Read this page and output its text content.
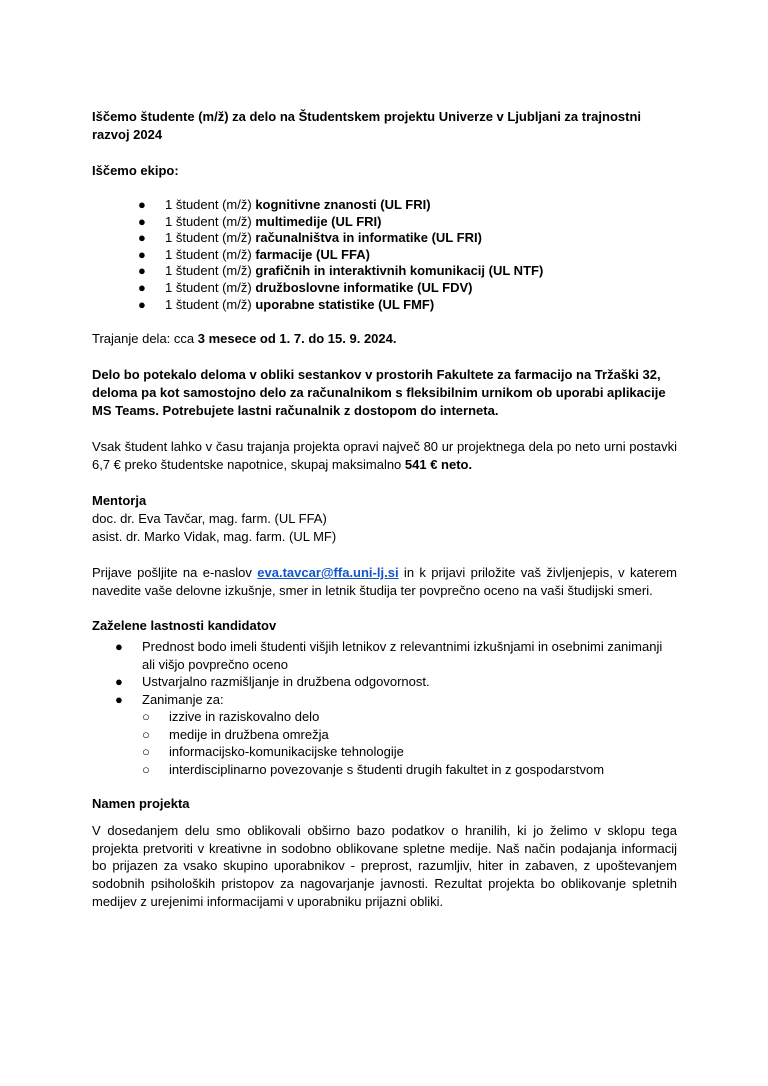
Iščemo študente (m/ž) za delo na Študentskem projektu Univerze v Ljubljani za trajnostni razvoj 2024

Iščemo ekipo:

● 1 študent (m/ž) kognitivne znanosti (UL FRI)
● 1 študent (m/ž) multimedije (UL FRI)
● 1 študent (m/ž) računalništva in informatike (UL FRI)
● 1 študent (m/ž) farmacije (UL FFA)
● 1 študent (m/ž) grafičnih in interaktivnih komunikacij (UL NTF)
● 1 študent (m/ž) družboslovne informatike (UL FDV)
● 1 študent (m/ž) uporabne statistike (UL FMF)

Trajanje dela: cca 3 mesece od 1. 7. do 15. 9. 2024.

Delo bo potekalo deloma v obliki sestankov v prostorih Fakultete za farmacijo na Tržaški 32, deloma pa kot samostojno delo za računalnikom s fleksibilnim urnikom ob uporabi aplikacije MS Teams. Potrebujete lastni računalnik z dostopom do interneta.

Vsak študent lahko v času trajanja projekta opravi največ 80 ur projektnega dela po neto urni postavki 6,7 € preko študentske napotnice, skupaj maksimalno 541 € neto.

Mentorja

doc. dr. Eva Tavčar, mag. farm. (UL FFA)

asist. dr. Marko Vidak, mag. farm. (UL MF)

Prijave pošljite na e-naslov eva.tavcar@ffa.uni-lj.si in k prijavi priložite vaš življenjepis, v katerem navedite vaše delovne izkušnje, smer in letnik študija ter povprečno oceno na vaši študijski smeri.

Zažele​ne lastnosti kandidatov

● Prednost bodo imeli študenti višjih letnikov z relevantnimi izkušnjami in osebnimi zanimanji ali višjo povprečno oceno
● Ustvarjalno razmišljanje in družbena odgovornost.
● Zanimanje za:
○ izzive in raziskovalno delo
○ medije in družbena omrežja
○ informacijsko-komunikacijske tehnologije
○ interdisciplinarno povezovanje s študenti drugih fakultet in z gospodarstvom

Namen projekta

V dosedanjem delu smo oblikovali obširno bazo podatkov o hranilih, ki jo želimo v sklopu tega projekta pretvoriti v kreativne in sodobno oblikovane spletne medije. Naš način podajanja informacij bo prijazen za vsako skupino uporabnikov - preprost, razumljiv, hiter in zabaven, z upoštevanjem sodobnih psiholoških pristopov za nagovarjanje javnosti. Rezultat projekta bo oblikovanje spletnih medijev z urejenimi informacijami v uporabniku prijazni obliki.
